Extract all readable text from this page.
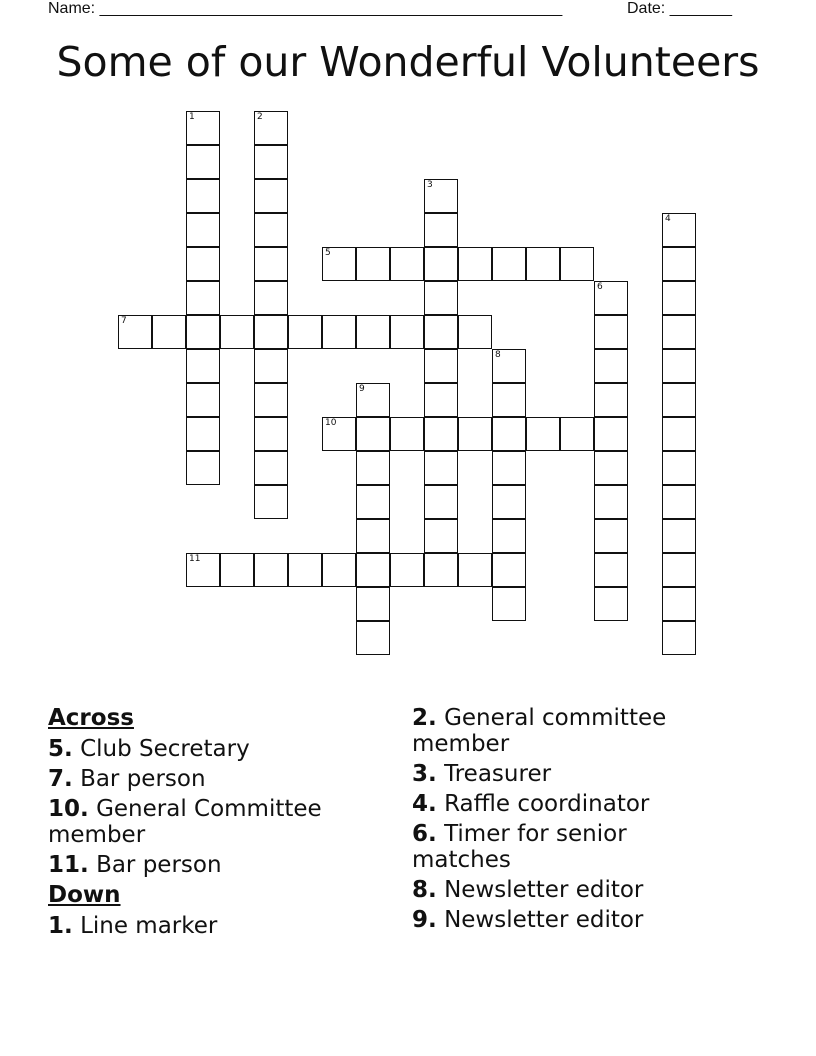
Name: ____________________________________________________	Date: _______
Some of our Wonderful Volunteers
1	2
3
4
5
6
7
8
9
10
11
Across
5. Club Secretary
7. Bar person
10. General Committee member
11. Bar person
Down
1. Line marker
2. General committee member
3. Treasurer
4. Raffle coordinator
6. Timer for senior matches
8. Newsletter editor
9. Newsletter editor
